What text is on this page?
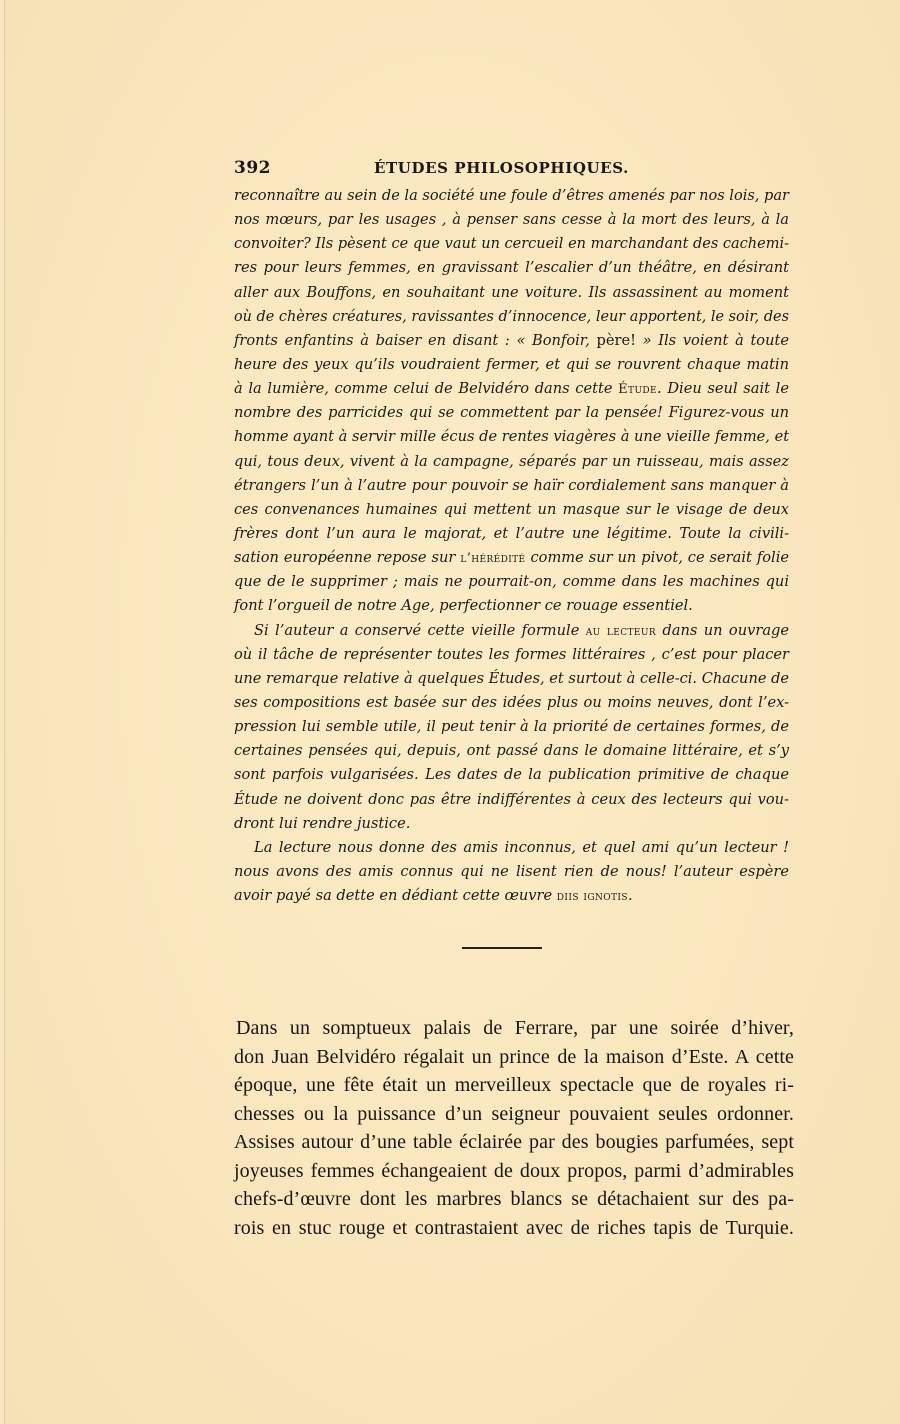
392	ÉTUDES PHILOSOPHIQUES.
reconnaître au sein de la société une foule d’êtres amenés par nos lois, par
nos mœurs, par les usages , à penser sans cesse à la mort des leurs, à la
convoiter? Ils pèsent ce que vaut un cercueil en marchandant des cachemi-
res pour leurs femmes, en gravissant l’escalier d’un théâtre, en désirant
aller aux Bouffons, en souhaitant une voiture. Ils assassinent au moment
où de chères créatures, ravissantes d’innocence, leur apportent, le soir, des
fronts enfantins à baiser en disant : « Bonfoir, père! » Ils voient à toute
heure des yeux qu’ils voudraient fermer, et qui se rouvrent chaque matin
à la lumière, comme celui de Belvidéro dans cette Étude. Dieu seul sait le
nombre des parricides qui se commettent par la pensée! Figurez-vous un
homme ayant à servir mille écus de rentes viagères à une vieille femme, et
qui, tous deux, vivent à la campagne, séparés par un ruisseau, mais assez
étrangers l’un à l’autre pour pouvoir se haïr cordialement sans manquer à
ces convenances humaines qui mettent un masque sur le visage de deux
frères dont l’un aura le majorat, et l’autre une légitime. Toute la civili-
sation européenne repose sur l’hérédité comme sur un pivot, ce serait folie
que de le supprimer ; mais ne pourrait-on, comme dans les machines qui
font l’orgueil de notre Age, perfectionner ce rouage essentiel.
Si l’auteur a conservé cet‍te vieille formule au lecteur dans un ouvrage
où il tâche de représenter toutes les formes littéraires , c’est pour placer
une remarque relative à quelques Études, et surtout à celle-ci. Chacune de
ses compositions est basée sur des idées plus ou moins neuves, dont l’ex-
pression lui semble utile, il peut tenir à la priorité de certaines formes, de
certaines pensées qui, depuis, ont passé dans le domaine littéraire, et s’y
sont parfois vulgarisées. Les dates de la publication primitive de chaque
Étude ne doivent donc pas être indifférentes à ceux des lecteurs qui vou-
dront lui rendre justice.
La lecture nous donne des amis inconnus, et quel ami qu’un lecteur !
nous avons des amis connus qui ne lisent rien de nous! l’auteur espère
avoir payé sa dette en dédiant cette œuvre diis ignotis.
Dans un somptueux palais de Ferrare, par une soirée d’hiver,
don Juan Belvidéro régalait un prince de la maison d’Este. A cette
époque, une fête était un merveilleux spectacle que de royales ri-
chesses ou la puissance d’un seigneur pouvaient seules ordonner.
Assises autour d’une table éclairée par des bougies parfumées, sept
joyeuses femmes échangeaient de doux propos, parmi d’admirables
chefs-d’œuvre dont les marbres blancs se détachaient sur des pa-
rois en stuc rouge et contrastaient avec de riches tapis de Turquie.
